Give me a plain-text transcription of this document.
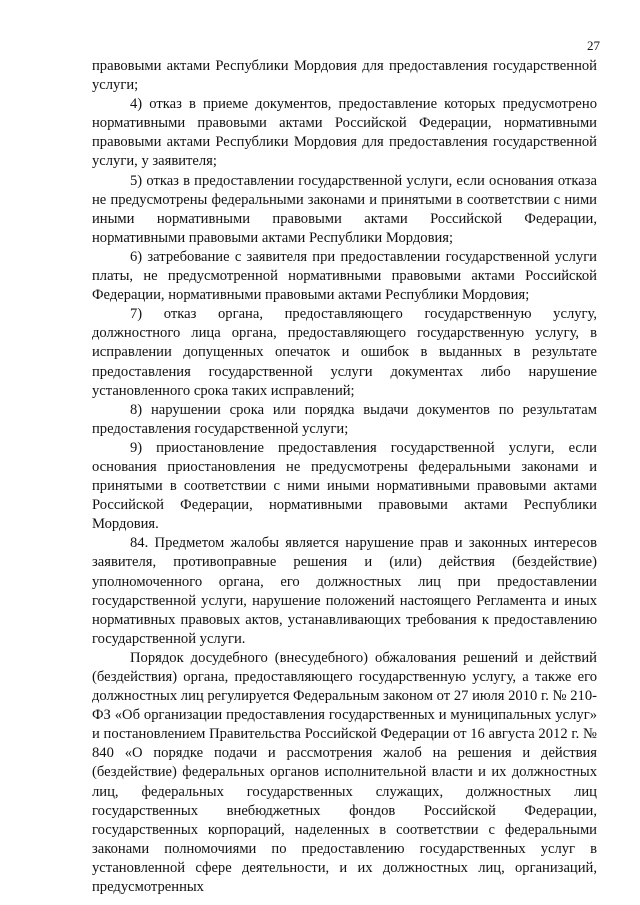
27

правовыми актами Республики Мордовия для предоставления государственной услуги;

4) отказ в приеме документов, предоставление которых предусмотрено нормативными правовыми актами Российской Федерации, нормативными правовыми актами Республики Мордовия для предоставления государственной услуги, у заявителя;

5) отказ в предоставлении государственной услуги, если основания отказа не предусмотрены федеральными законами и принятыми в соответствии с ними иными нормативными правовыми актами Российской Федерации, нормативными правовыми актами Республики Мордовия;

6) затребование с заявителя при предоставлении государственной услуги платы, не предусмотренной нормативными правовыми актами Российской Федерации, нормативными правовыми актами Республики Мордовия;

7) отказ органа, предоставляющего государственную услугу, должностного лица органа, предоставляющего государственную услугу, в исправлении допущенных опечаток и ошибок в выданных в результате предоставления государственной услуги документах либо нарушение установленного срока таких исправлений;

8) нарушении срока или порядка выдачи документов по результатам предоставления государственной услуги;

9) приостановление предоставления государственной услуги, если основания приостановления не предусмотрены федеральными законами и принятыми в соответствии с ними иными нормативными правовыми актами Российской Федерации, нормативными правовыми актами Республики Мордовия.

84. Предметом жалобы является нарушение прав и законных интересов заявителя, противоправные решения и (или) действия (бездействие) уполномоченного органа, его должностных лиц при предоставлении государственной услуги, нарушение положений настоящего Регламента и иных нормативных правовых актов, устанавливающих требования к предоставлению государственной услуги.

Порядок досудебного (внесудебного) обжалования решений и действий (бездействия) органа, предоставляющего государственную услугу, а также его должностных лиц регулируется Федеральным законом от 27 июля 2010 г. № 210-ФЗ «Об организации предоставления государственных и муниципальных услуг» и постановлением Правительства Российской Федерации от 16 августа 2012 г. № 840 «О порядке подачи и рассмотрения жалоб на решения и действия (бездействие) федеральных органов исполнительной власти и их должностных лиц, федеральных государственных служащих, должностных лиц государственных внебюджетных фондов Российской Федерации, государственных корпораций, наделенных в соответствии с федеральными законами полномочиями по предоставлению государственных услуг в установленной сфере деятельности, и их должностных лиц, организаций, предусмотренных
